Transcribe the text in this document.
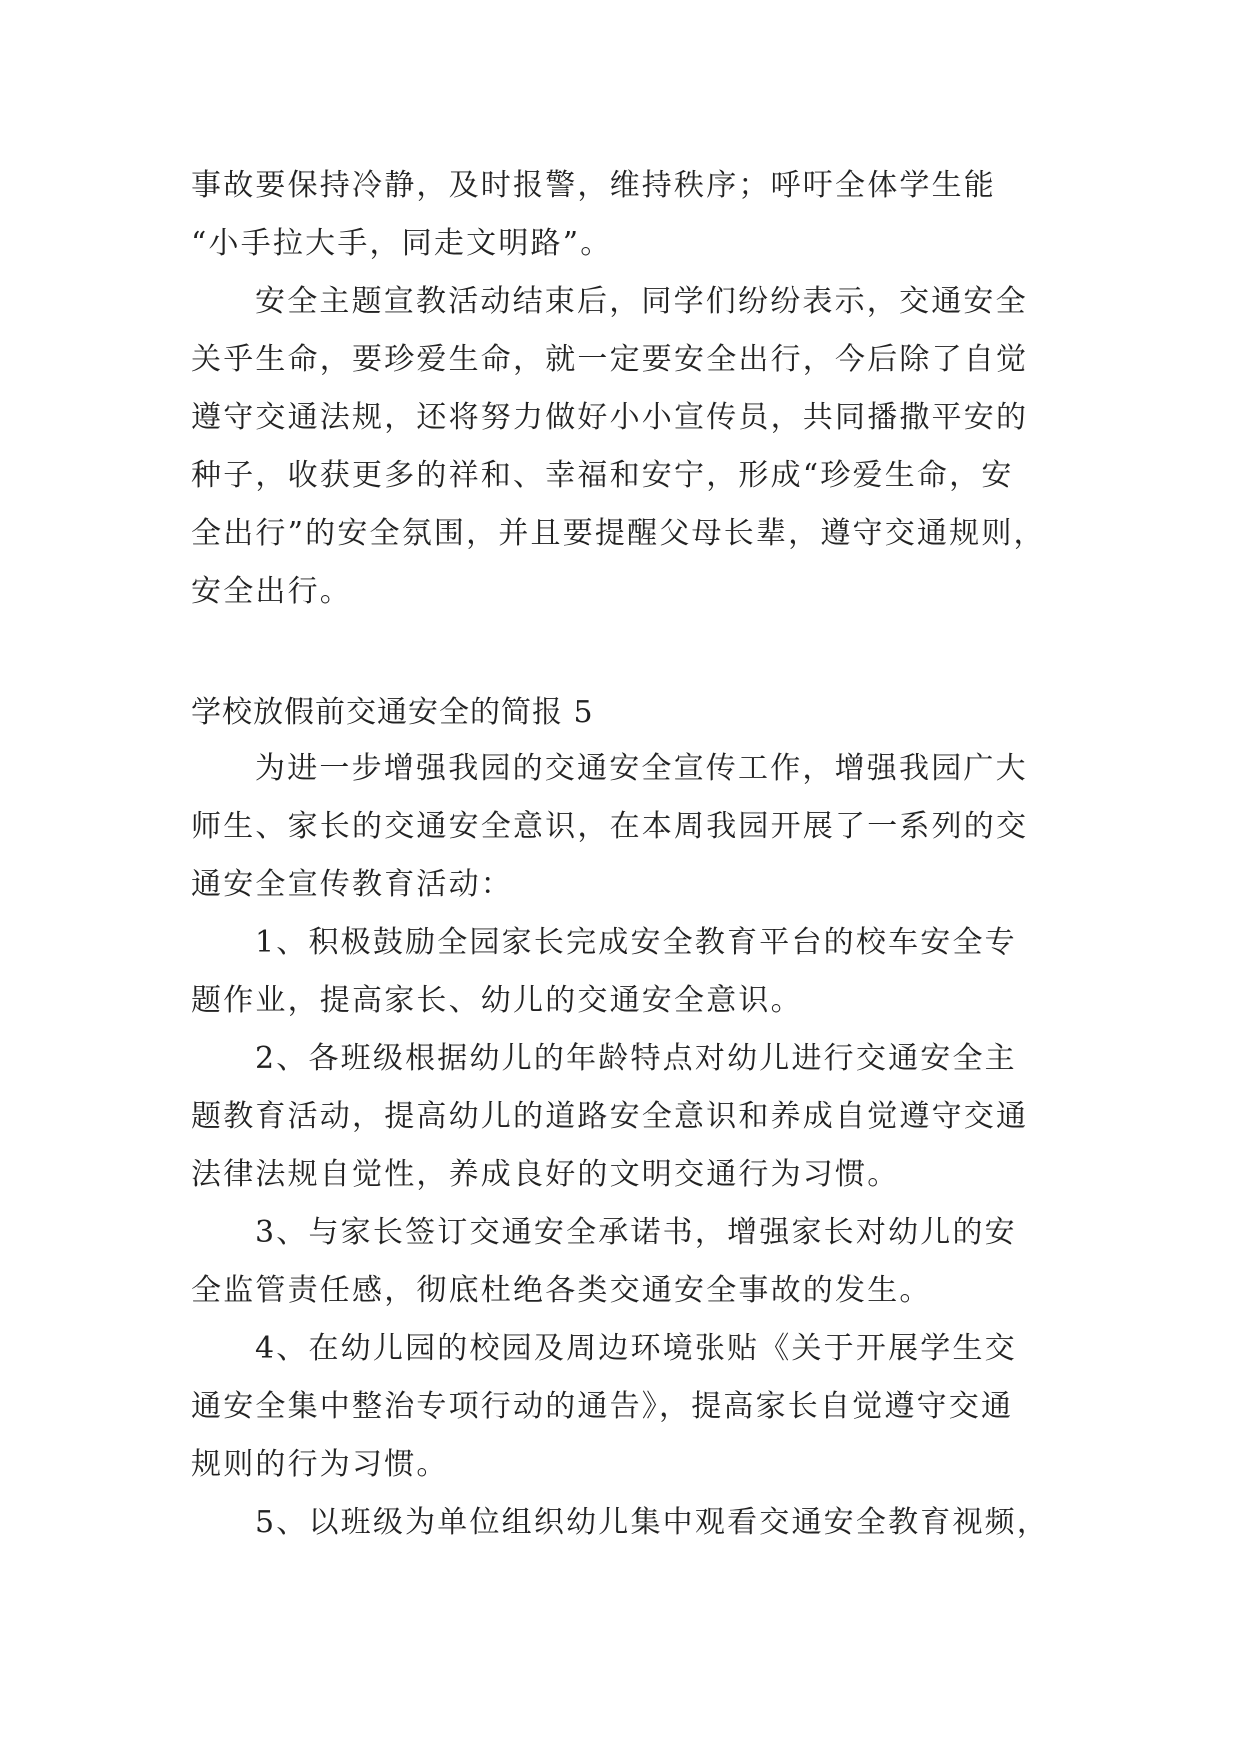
事故要保持冷静，及时报警，维持秩序；呼吁全体学生能
“小手拉大手，同走文明路”。
安全主题宣教活动结束后，同学们纷纷表示，交通安全
关乎生命，要珍爱生命，就一定要安全出行，今后除了自觉
遵守交通法规，还将努力做好小小宣传员，共同播撒平安的
种子，收获更多的祥和、幸福和安宁，形成“珍爱生命，安
全出行”的安全氛围，并且要提醒父母长辈，遵守交通规则，
安全出行。
学校放假前交通安全的简报 5
为进一步增强我园的交通安全宣传工作，增强我园广大
师生、家长的交通安全意识，在本周我园开展了一系列的交
通安全宣传教育活动：
1、积极鼓励全园家长完成安全教育平台的校车安全专
题作业，提高家长、幼儿的交通安全意识。
2、各班级根据幼儿的年龄特点对幼儿进行交通安全主
题教育活动，提高幼儿的道路安全意识和养成自觉遵守交通
法律法规自觉性，养成良好的文明交通行为习惯。
3、与家长签订交通安全承诺书，增强家长对幼儿的安
全监管责任感，彻底杜绝各类交通安全事故的发生。
4、在幼儿园的校园及周边环境张贴《关于开展学生交
通安全集中整治专项行动的通告》，提高家长自觉遵守交通
规则的行为习惯。
5、以班级为单位组织幼儿集中观看交通安全教育视频，
